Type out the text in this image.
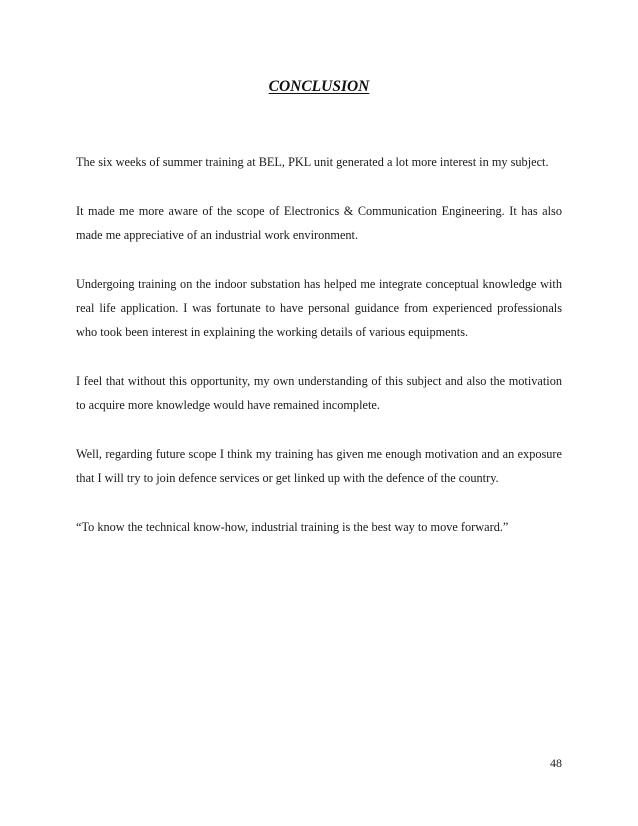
CONCLUSION

The six weeks of summer training at BEL, PKL unit generated a lot more interest in my subject.

It made me more aware of the scope of Electronics & Communication Engineering. It has also made me appreciative of an industrial work environment.

Undergoing training on the indoor substation has helped me integrate conceptual knowledge with real life application. I was fortunate to have personal guidance from experienced professionals who took been interest in explaining the working details of various equipments.

I feel that without this opportunity, my own understanding of this subject and also the motivation to acquire more knowledge would have remained incomplete.

Well, regarding future scope I think my training has given me enough motivation and an exposure that I will try to join defence services or get linked up with the defence of the country.

“To know the technical know-how, industrial training is the best way to move forward.”

48
